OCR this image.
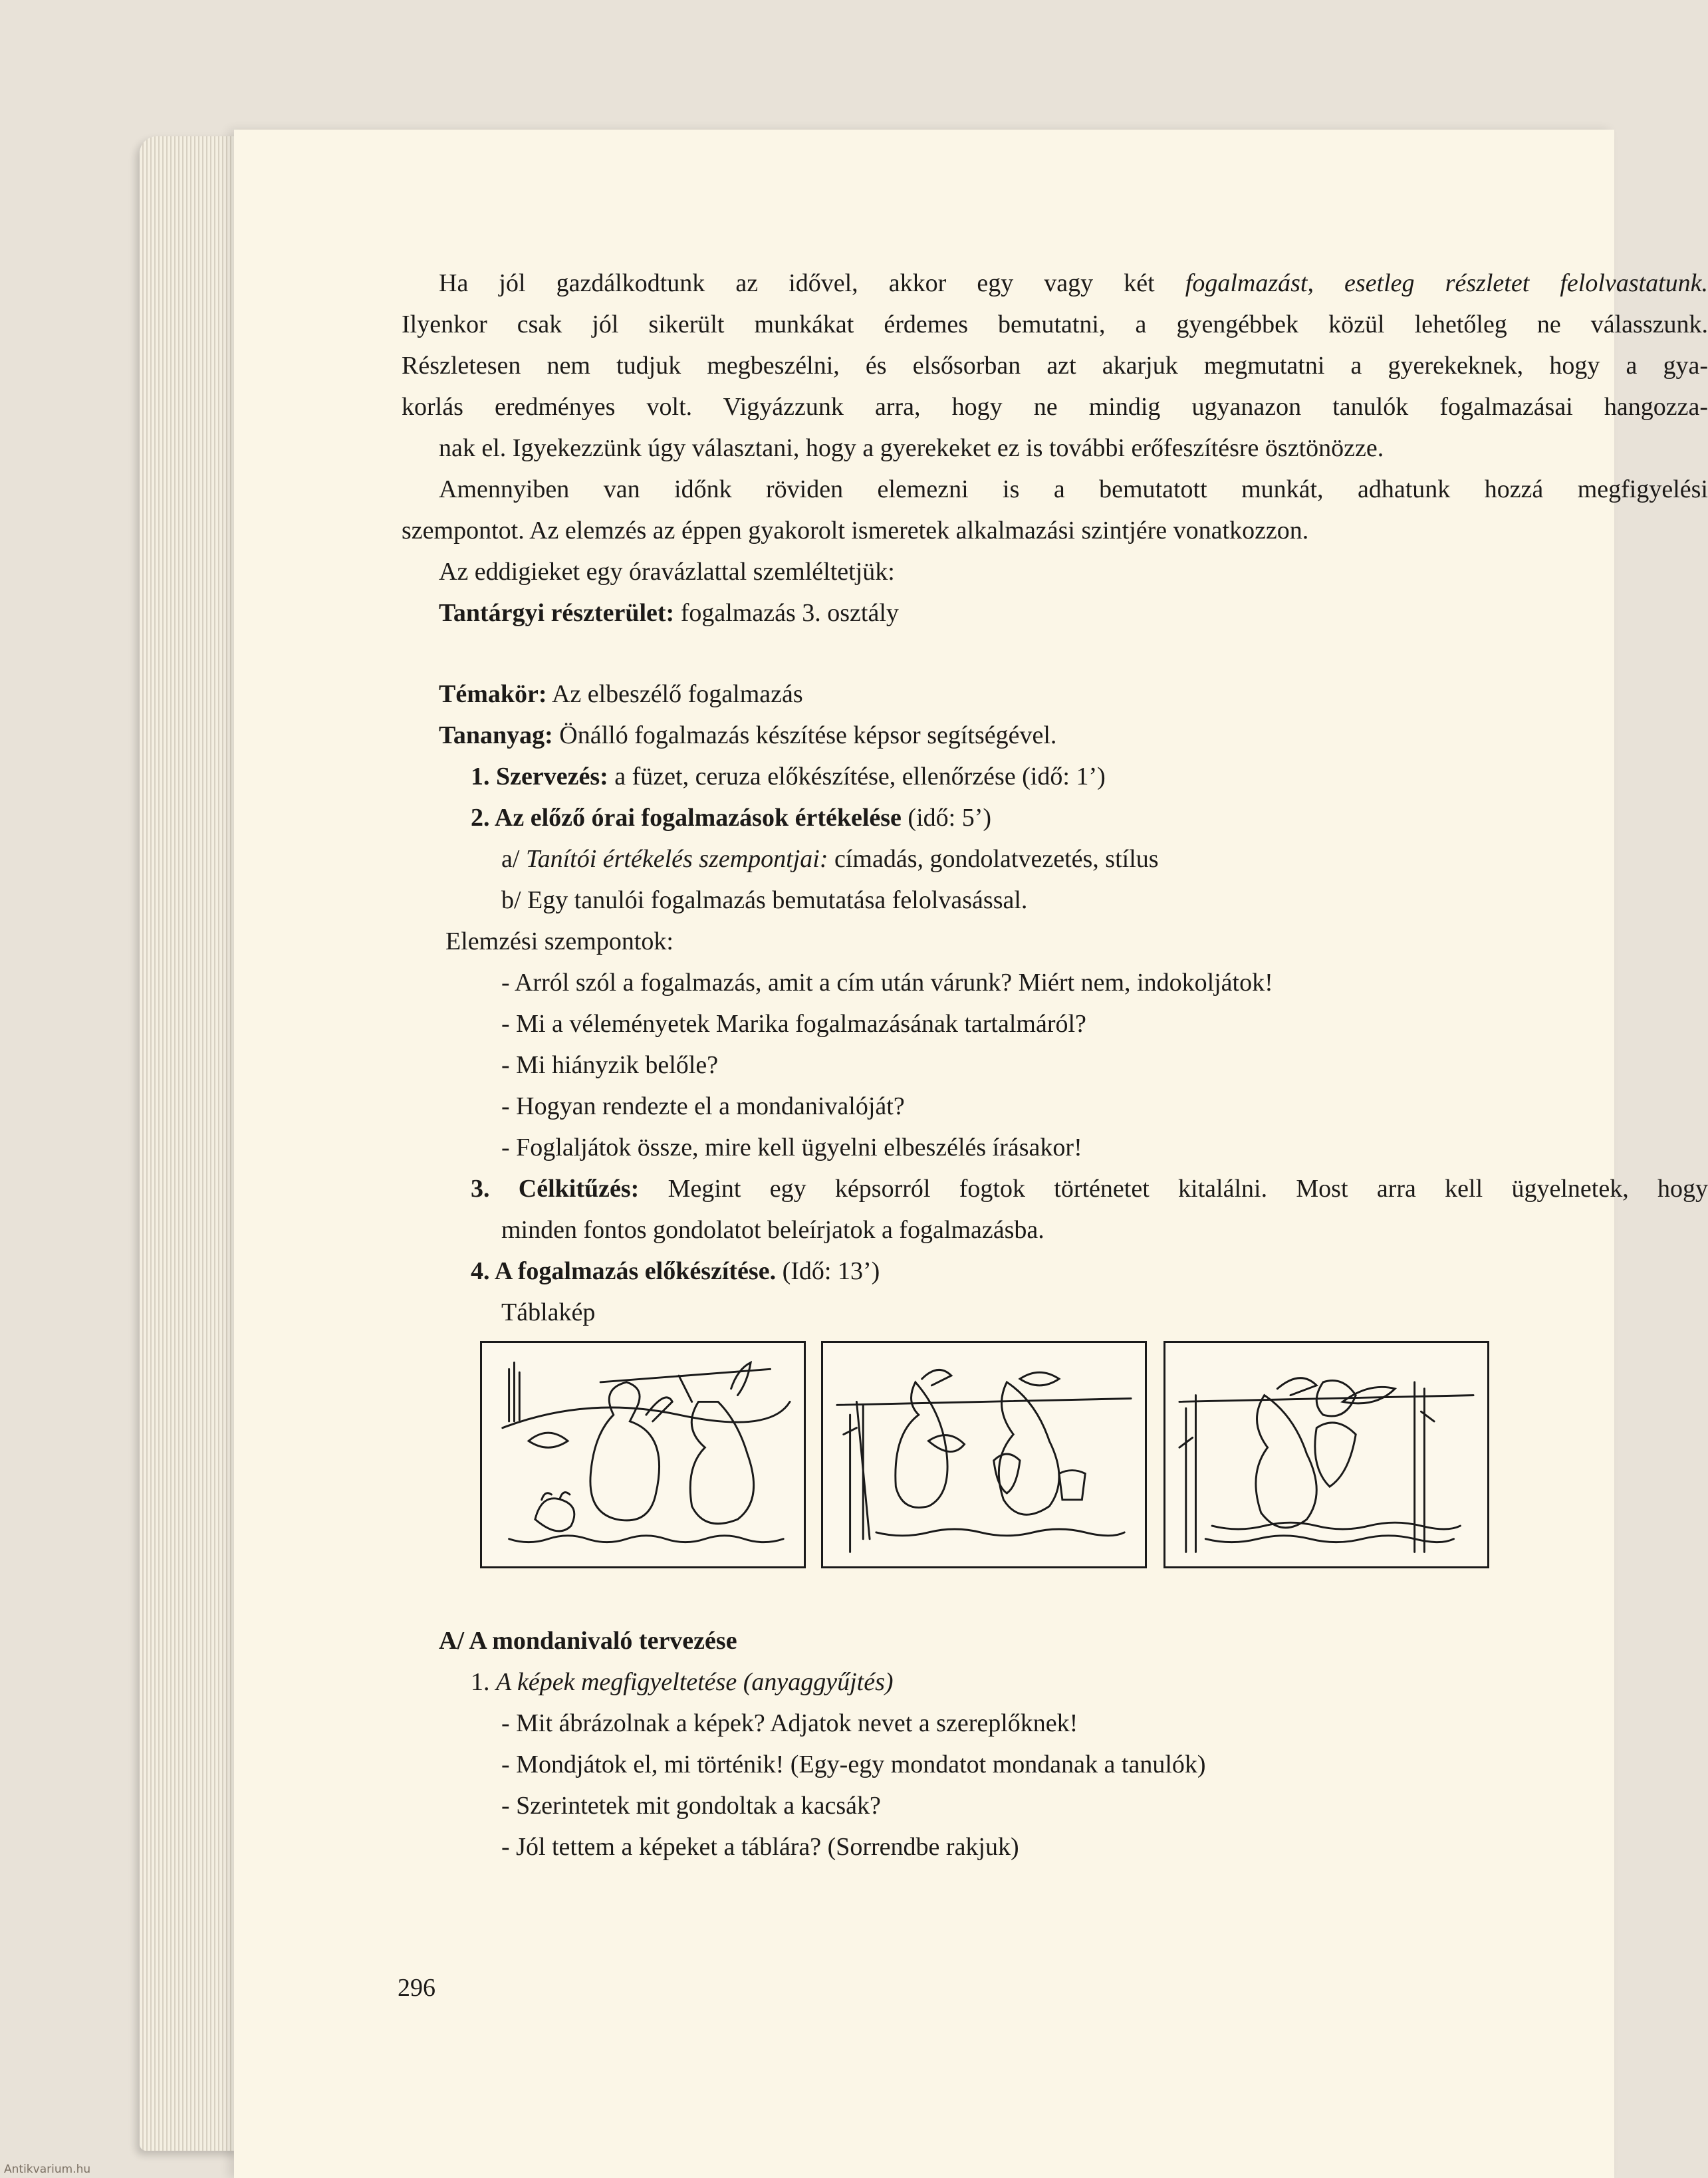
Ha jól gazdálkodtunk az idővel, akkor egy vagy két fogalmazást, esetleg részletet felolvastatunk.

Ilyenkor csak jól sikerült munkákat érdemes bemutatni, a gyengébbek közül lehetőleg ne válasszunk.

Részletesen nem tudjuk megbeszélni, és elsősorban azt akarjuk megmutatni a gyerekeknek, hogy a gya-

korlás eredményes volt. Vigyázzunk arra, hogy ne mindig ugyanazon tanulók fogalmazásai hangozza-

nak el. Igyekezzünk úgy választani, hogy a gyerekeket ez is további erőfeszítésre ösztönözze.

Amennyiben van időnk röviden elemezni is a bemutatott munkát, adhatunk hozzá megfigyelési

szempontot. Az elemzés az éppen gyakorolt ismeretek alkalmazási szintjére vonatkozzon.

Az eddigieket egy óravázlattal szemléltetjük:

Tantárgyi részterület: fogalmazás 3. osztály

Témakör: Az elbeszélő fogalmazás

Tananyag: Önálló fogalmazás készítése képsor segítségével.

1. Szervezés: a füzet, ceruza előkészítése, ellenőrzése (idő: 1’)

2. Az előző órai fogalmazások értékelése (idő: 5’)

a/ Tanítói értékelés szempontjai: címadás, gondolatvezetés, stílus

b/ Egy tanulói fogalmazás bemutatása felolvasással.

Elemzési szempontok:

- Arról szól a fogalmazás, amit a cím után várunk? Miért nem, indokoljátok!

- Mi a véleményetek Marika fogalmazásának tartalmáról?

- Mi hiányzik belőle?

- Hogyan rendezte el a mondanivalóját?

- Foglaljátok össze, mire kell ügyelni elbeszélés írásakor!

3. Célkitűzés: Megint egy képsorról fogtok történetet kitalálni. Most arra kell ügyelnetek, hogy

minden fontos gondolatot beleírjatok a fogalmazásba.

4. A fogalmazás előkészítése. (Idő: 13’)

Táblakép

A/ A mondanivaló tervezése

1. A képek megfigyeltetése (anyaggyűjtés)

- Mit ábrázolnak a képek? Adjatok nevet a szereplőknek!

- Mondjátok el, mi történik! (Egy-egy mondatot mondanak a tanulók)

- Szerintetek mit gondoltak a kacsák?

- Jól tettem a képeket a táblára? (Sorrendbe rakjuk)

296
Antikvarium.hu
